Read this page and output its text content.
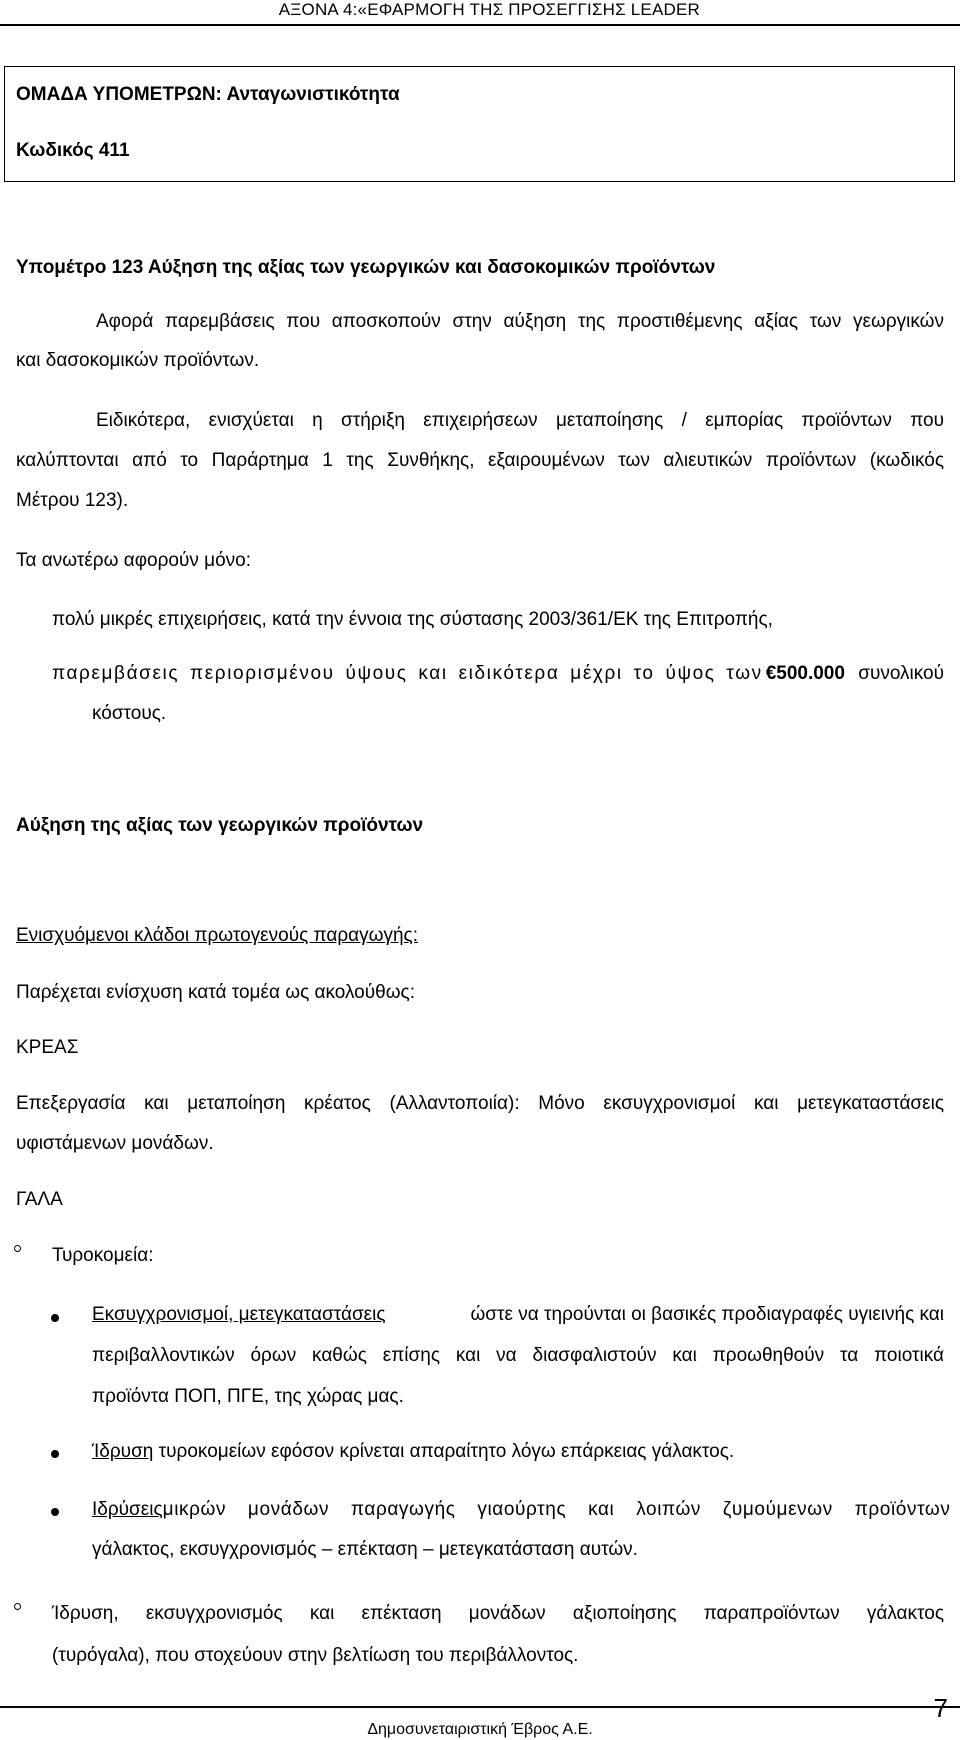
ΑΞΟΝΑ 4:«ΕΦΑΡΜΟΓΗ ΤΗΣ ΠΡΟΣΕΓΓΙΣΗΣ LEADER
ΟΜΑΔΑ ΥΠΟΜΕΤΡΩΝ: Ανταγωνιστικότητα
Κωδικός 411
Υπομέτρο 123 Αύξηση της αξίας των γεωργικών και δασοκομικών προϊόντων
Αφορά παρεμβάσεις που αποσκοπούν στην αύξηση της προστιθέμενης αξίας των γεωργικών
και δασοκομικών προϊόντων.
Ειδικότερα, ενισχύεται η στήριξη επιχειρήσεων μεταποίησης / εμπορίας προϊόντων που
καλύπτονται από το Παράρτημα 1 της Συνθήκης, εξαιρουμένων των αλιευτικών προϊόντων (κωδικός
Μέτρου 123).
Τα ανωτέρω αφορούν μόνο:
πολύ μικρές επιχειρήσεις, κατά την έννοια της σύστασης 2003/361/ΕΚ της Επιτροπής,
παρεμβάσεις περιορισμένου ύψους και ειδικότερα μέχρι το ύψος των €500.000 συνολικού
κόστους.
Αύξηση της αξίας των γεωργικών προϊόντων
Ενισχυόμενοι κλάδοι πρωτογενούς παραγωγής:
Παρέχεται ενίσχυση κατά τομέα ως ακολούθως:
ΚΡΕΑΣ
Επεξεργασία και μεταποίηση κρέατος (Αλλαντοποιία): Μόνο εκσυγχρονισμοί και μετεγκαταστάσεις
υφιστάμενων μονάδων.
ΓΑΛΑ
Τυροκομεία:
Εκσυγχρονισμοί, μετεγκαταστάσεις	ώστε να τηρούνται οι βασικές προδιαγραφές υγιεινής και
περιβαλλοντικών όρων καθώς επίσης και να διασφαλιστούν και προωθηθούν τα ποιοτικά
προϊόντα ΠΟΠ, ΠΓΕ, της χώρας μας.
Ίδρυση τυροκομείων εφόσον κρίνεται απαραίτητο λόγω επάρκειας γάλακτος.
Ιδρύσεις μικρών μονάδων παραγωγής γιαούρτης και λοιπών ζυμούμενων προϊόντων
γάλακτος, εκσυγχρονισμός – επέκταση – μετεγκατάσταση αυτών.
Ίδρυση, εκσυγχρονισμός και επέκταση μονάδων αξιοποίησης παραπροϊόντων γάλακτος
(τυρόγαλα), που στοχεύουν στην βελτίωση του περιβάλλοντος.
7
Δημοσυνεταιριστική Έβρος Α.Ε.
